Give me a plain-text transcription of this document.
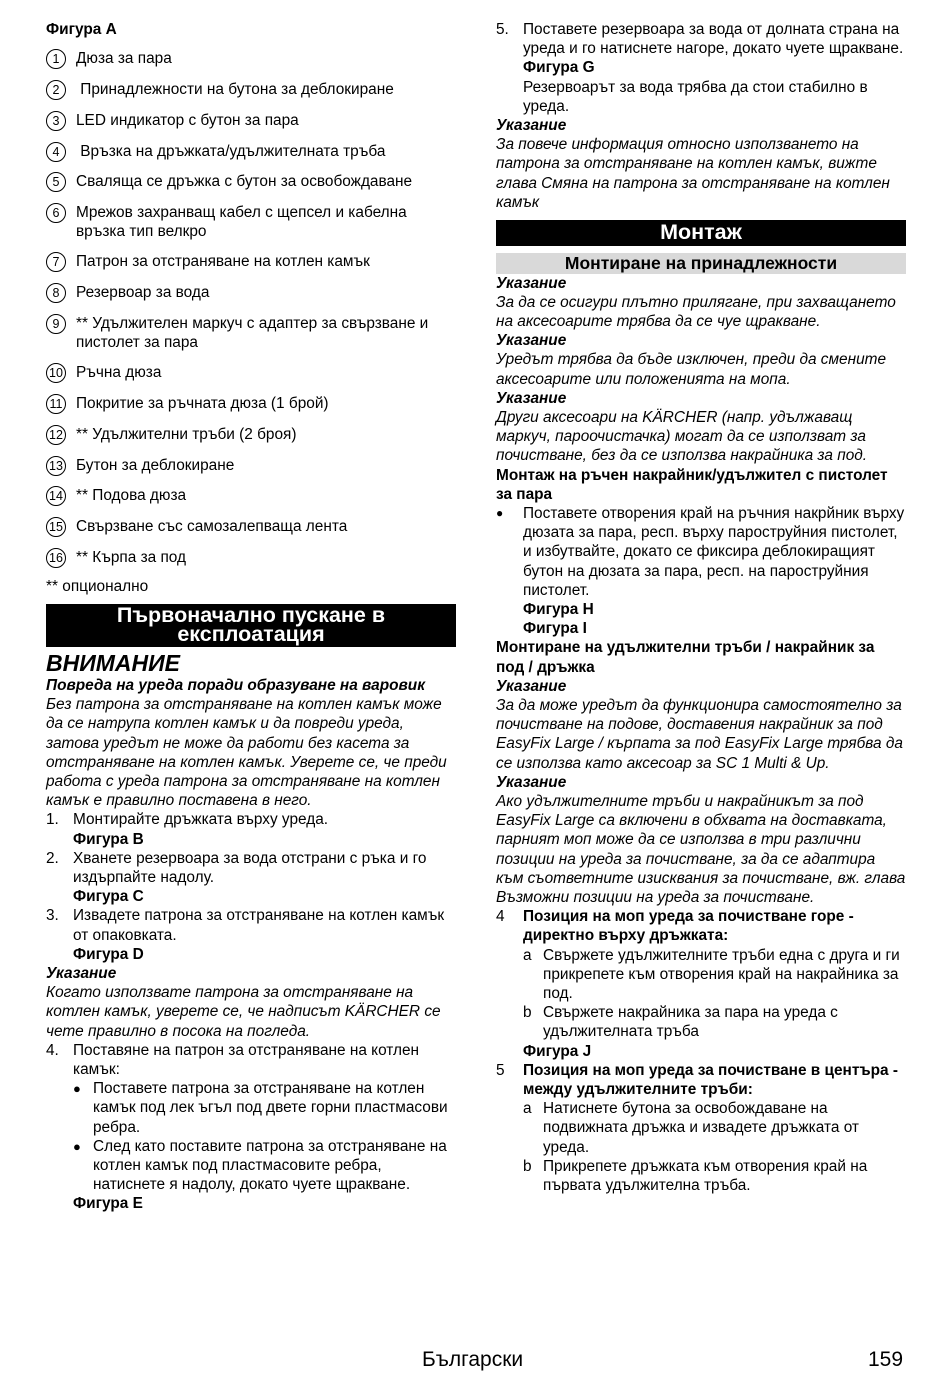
Фигура A
1	Дюза за пара
2	Принадлежности на бутона за деблокиране
3	LED индикатор с бутон за пара
4	Връзка на дръжката/удължителната тръба
5	Сваляща се дръжка с бутон за освобождаване
6	Мрежов захранващ кабел с щепсел и кабелна връзка тип велкро
7	Патрон за отстраняване на котлен камък
8	Резервоар за вода
9	** Удължителен маркуч с адаптер за свързване и пистолет за пара
10 Ръчна дюза
11 Покритие за ръчната дюза (1 брой)
12 ** Удължителни тръби (2 броя)
13 Бутон за деблокиране
14 ** Подова дюза
15 Свързване със самозалепваща лента
16 ** Кърпа за под
** опционално
Първоначално пускане в
експлоатация
ВНИМАНИЕ
Повреда на уреда поради образуване на варовик
Без патрона за отстраняване на котлен камък може да се натрупа котлен камък и да повреди уреда, затова уредът не може да работи без касета за отстраняване на котлен камък. Уверете се, че преди работа с уреда патрона за отстраняване на котлен камък е правилно поставена в него.
1. Монтирайте дръжката върху уреда.
Фигура B
2. Хванете резервоара за вода отстрани с ръка и го издърпайте надолу.
Фигура C
3. Извадете патрона за отстраняване на котлен камък от опаковката.
Фигура D
Указание
Когато използвате патрона за отстраняване на котлен камък, уверете се, че надписът KÄRCHER се чете правилно в посока на погледа.
4. Поставяне на патрон за отстраняване на котлен камък:
● Поставете патрона за отстраняване на котлен камък под лек ъгъл под двете горни пластмасови ребра.
● След като поставите патрона за отстраняване на котлен камък под пластмасовите ребра, натиснете я надолу, докато чуете щракване.
Фигура E
5. Поставете резервоара за вода от долната страна на уреда и го натиснете нагоре, докато чуете щракване.
Фигура G
Резервоарът за вода трябва да стои стабилно в уреда.
Указание
За повече информация относно използването на патрона за отстраняване на котлен камък, вижте глава Смяна на патрона за отстраняване на котлен камък
Монтаж
Монтиране на принадлежности
Указание
За да се осигури плътно прилягане, при захващането на аксесоарите трябва да се чуе щракване.
Указание
Уредът трябва да бъде изключен, преди да смените аксесоарите или положенията на мопа.
Указание
Други аксесоари на KÄRCHER (напр. удължаващ маркуч, пароочистачка) могат да се използват за почистване, без да се използва накрайника за под.
Монтаж на ръчен накрайник/удължител с пистолет за пара
●	Поставете отворения край на ръчния накрйник върху дюзата за пара, респ. върху пароструйния пистолет, и избутвайте, докато се фиксира деблокиращият бутон на дюзата за пара, респ. на пароструйния пистолет.
Фигура H
Фигура I
Монтиране на удължителни тръби / накрайник за под / дръжка
Указание
За да може уредът да функционира самостоятелно за почистване на подове, доставения накрайник за под EasyFix Large / кърпата за под EasyFix Large трябва да се използва като аксесоар за SC 1 Multi & Up.
Указание
Ако удължителните тръби и накрайникът за под EasyFix Large са включени в обхвата на доставката, парният моп може да се използва в три различни позиции на уреда за почистване, за да се адаптира към съответните изисквания за почистване, вж. глава Възможни позиции на уреда за почистване.
4	Позиция на моп уреда за почистване горе - директно върху дръжката:
a Свържете удължителните тръби една с друга и ги прикрепете към отворения край на накрайника за под.
b Свържете накрайника за пара на уреда с удължителната тръба
Фигура J
5	Позиция на моп уреда за почистване в центъра - между удължителните тръби:
a Натиснете бутона за освобождаване на подвижната дръжка и извадете дръжката от уреда.
b Прикрепете дръжката към отворения край на първата удължителна тръба.
Български	159
